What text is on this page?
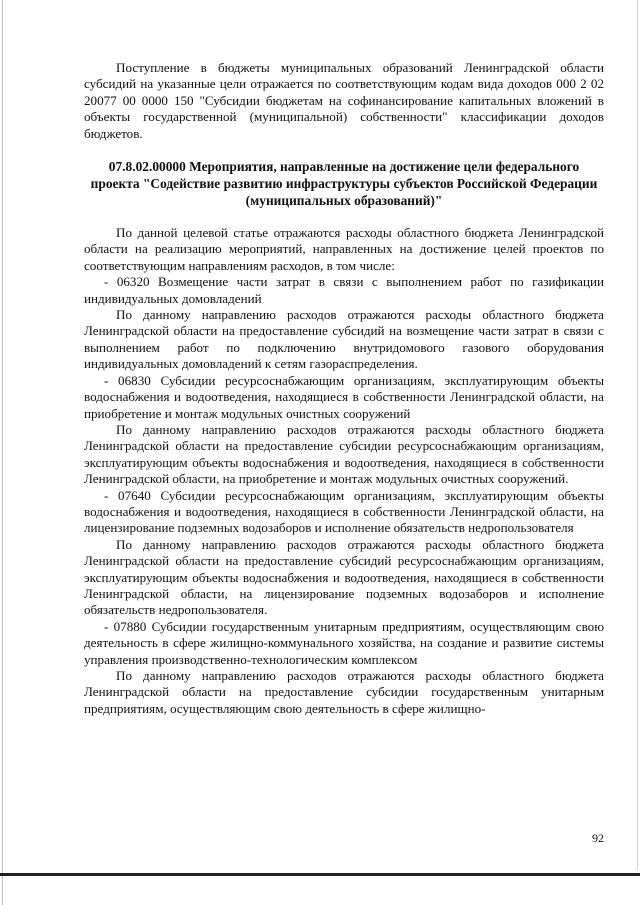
Поступление в бюджеты муниципальных образований Ленинградской области субсидий на указанные цели отражается по соответствующим кодам вида доходов 000 2 02 20077 00 0000 150 "Субсидии бюджетам на софинансирование капитальных вложений в объекты государственной (муниципальной) собственности" классификации доходов бюджетов.

07.8.02.00000 Мероприятия, направленные на достижение цели федерального проекта "Содействие развитию инфраструктуры субъектов Российской Федерации (муниципальных образований)"

По данной целевой статье отражаются расходы областного бюджета Ленинградской области на реализацию мероприятий, направленных на достижение целей проектов по соответствующим направлениям расходов, в том числе:

- 06320 Возмещение части затрат в связи с выполнением работ по газификации индивидуальных домовладений

По данному направлению расходов отражаются расходы областного бюджета Ленинградской области на предоставление субсидий на возмещение части затрат в связи с выполнением работ по подключению внутридомового газового оборудования индивидуальных домовладений к сетям газораспределения.

- 06830 Субсидии ресурсоснабжающим организациям, эксплуатирующим объекты водоснабжения и водоотведения, находящиеся в собственности Ленинградской области, на приобретение и монтаж модульных очистных сооружений

По данному направлению расходов отражаются расходы областного бюджета Ленинградской области на предоставление субсидии ресурсоснабжающим организациям, эксплуатирующим объекты водоснабжения и водоотведения, находящиеся в собственности Ленинградской области, на приобретение и монтаж модульных очистных сооружений.

- 07640 Субсидии ресурсоснабжающим организациям, эксплуатирующим объекты водоснабжения и водоотведения, находящиеся в собственности Ленинградской области, на лицензирование подземных водозаборов и исполнение обязательств недропользователя

По данному направлению расходов отражаются расходы областного бюджета Ленинградской области на предоставление субсидий ресурсоснабжающим организациям, эксплуатирующим объекты водоснабжения и водоотведения, находящиеся в собственности Ленинградской области, на лицензирование подземных водозаборов и исполнение обязательств недропользователя.

- 07880 Субсидии государственным унитарным предприятиям, осуществляющим свою деятельность в сфере жилищно-коммунального хозяйства, на создание и развитие системы управления производственно-технологическим комплексом

По данному направлению расходов отражаются расходы областного бюджета Ленинградской области на предоставление субсидии государственным унитарным предприятиям, осуществляющим свою деятельность в сфере жилищно-

92
